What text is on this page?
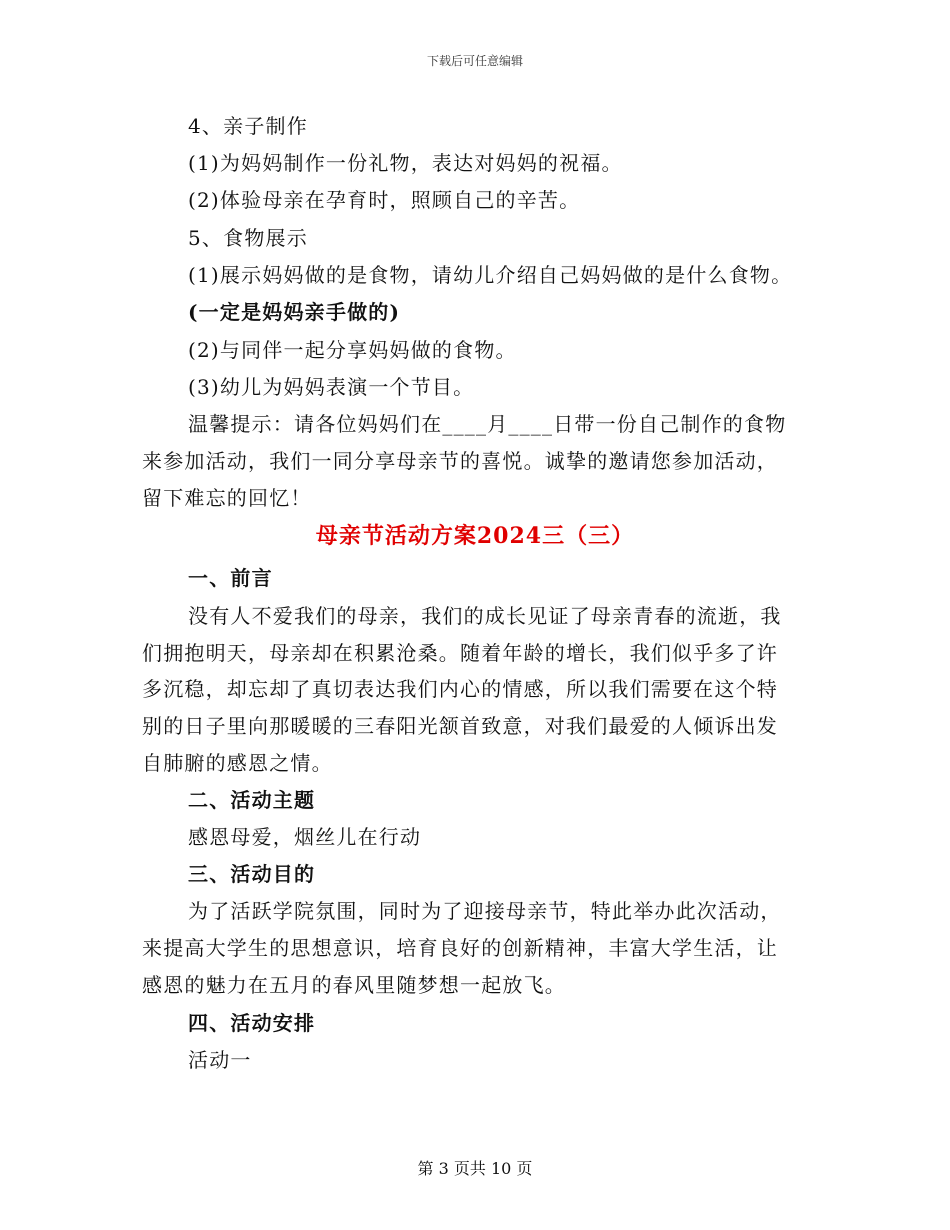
下载后可任意编辑
4、亲子制作
(1)为妈妈制作一份礼物，表达对妈妈的祝福。
(2)体验母亲在孕育时，照顾自己的辛苦。
5、食物展示
(1)展示妈妈做的是食物，请幼儿介绍自己妈妈做的是什么食物。
(一定是妈妈亲手做的)
(2)与同伴一起分享妈妈做的食物。
(3)幼儿为妈妈表演一个节目。
温馨提示：请各位妈妈们在____月____日带一份自己制作的食物
来参加活动，我们一同分享母亲节的喜悦。诚挚的邀请您参加活动，
留下难忘的回忆！
母亲节活动方案2024三（三）
一、前言
没有人不爱我们的母亲，我们的成长见证了母亲青春的流逝，我
们拥抱明天，母亲却在积累沧桑。随着年龄的增长，我们似乎多了许
多沉稳，却忘却了真切表达我们内心的情感，所以我们需要在这个特
别的日子里向那暖暖的三春阳光颔首致意，对我们最爱的人倾诉出发
自肺腑的感恩之情。
二、活动主题
感恩母爱，烟丝儿在行动
三、活动目的
为了活跃学院氛围，同时为了迎接母亲节，特此举办此次活动，
来提高大学生的思想意识，培育良好的创新精神，丰富大学生活，让
感恩的魅力在五月的春风里随梦想一起放飞。
四、活动安排
活动一
第 3 页共 10 页
